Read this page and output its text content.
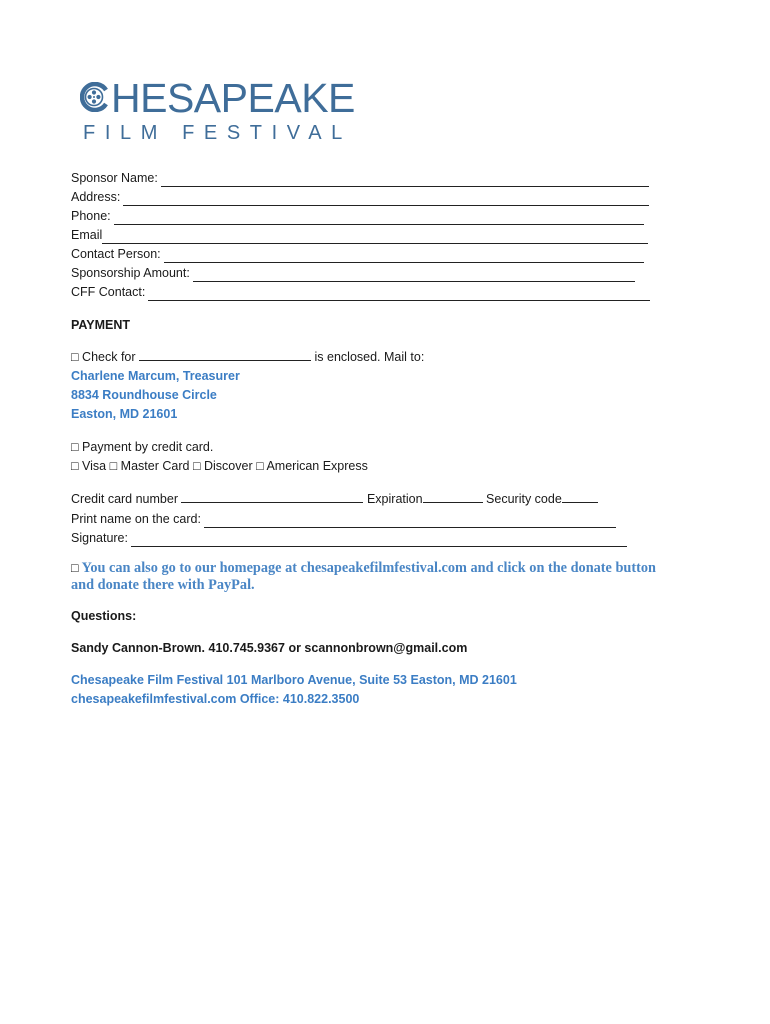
HESAPEAKE
FILM FESTIVAL
Sponsor Name:
Address:
Phone:
Email
Contact Person:
Sponsorship Amount:
CFF Contact:
PAYMENT
□ Check for	is enclosed. Mail to:
Charlene Marcum, Treasurer
8834 Roundhouse Circle
Easton, MD 21601
□ Payment by credit card.
□ Visa □ Master Card □ Discover □ American Express
Credit card number	Expiration	Security code
Print name on the card:
Signature:
□ You can also go to our homepage at chesapeakefilmfestival.com and click on the donate button
and donate there with PayPal.
Questions:
Sandy Cannon-Brown. 410.745.9367 or scannonbrown@gmail.com
Chesapeake Film Festival 101 Marlboro Avenue, Suite 53 Easton, MD 21601
chesapeakefilmfestival.com Office: 410.822.3500
